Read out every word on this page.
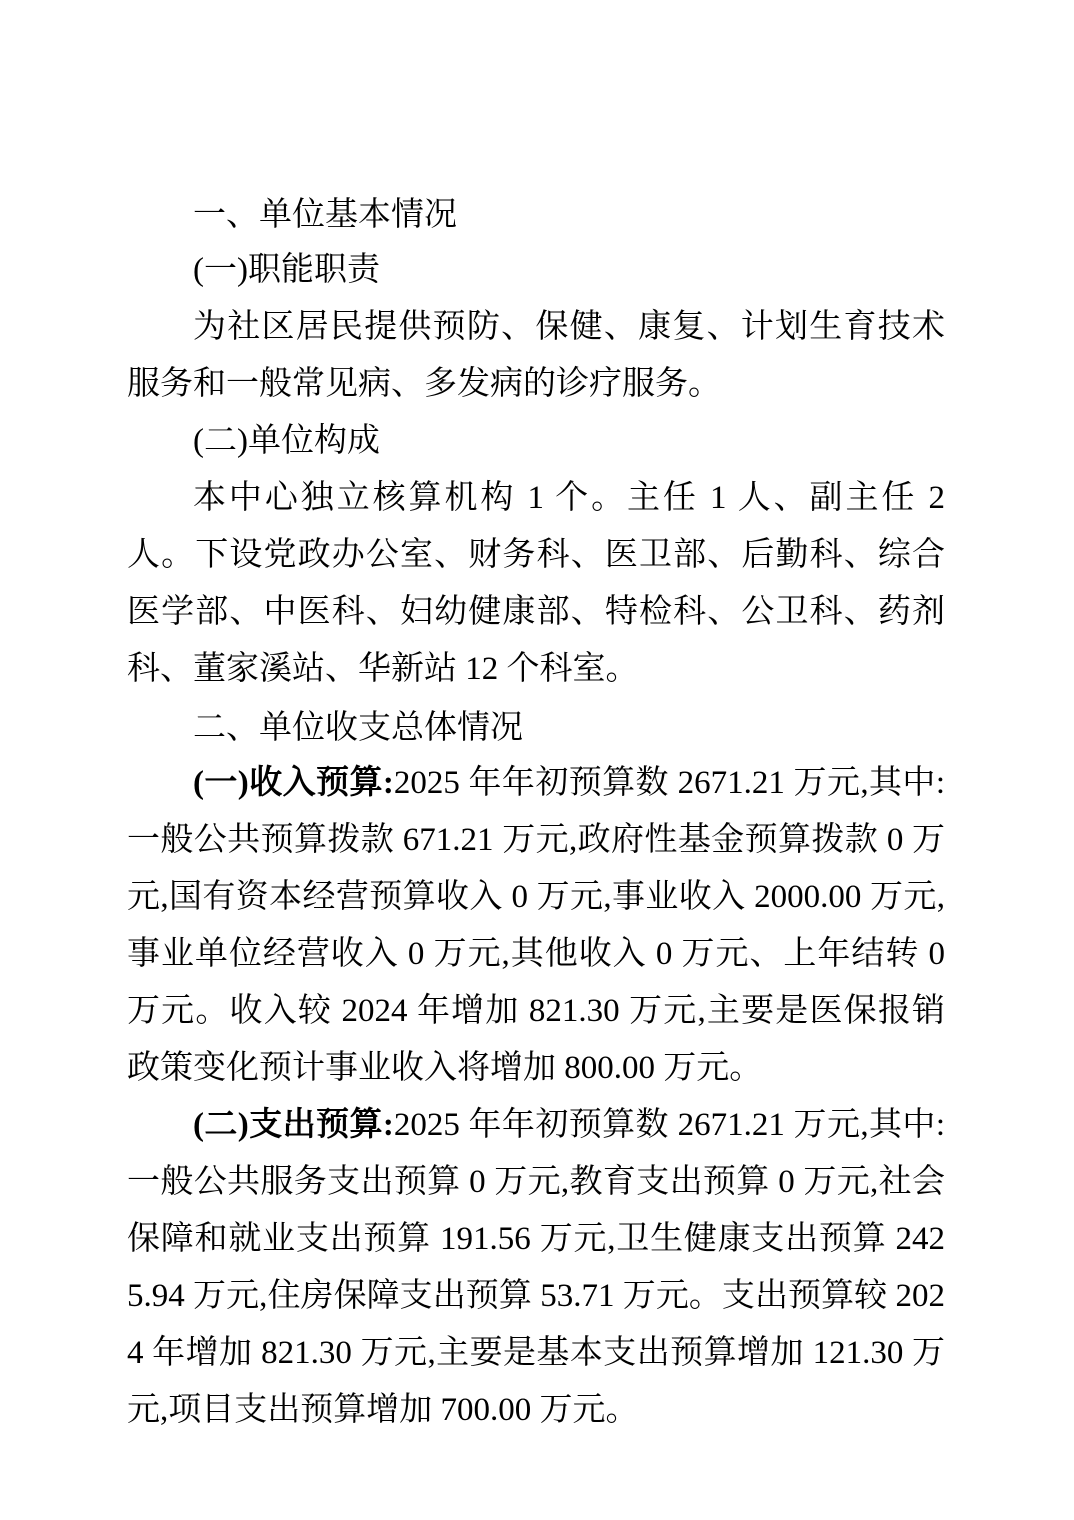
一、单位基本情况

(一)职能职责

为社区居民提供预防、保健、康复、计划生育技术服务和一般常见病、多发病的诊疗服务。

(二)单位构成

本中心独立核算机构 1 个。主任 1 人、副主任 2 人。下设党政办公室、财务科、医卫部、后勤科、综合医学部、中医科、妇幼健康部、特检科、公卫科、药剂科、董家溪站、华新站 12 个科室。

二、单位收支总体情况

(一)收入预算:2025 年年初预算数 2671.21 万元,其中:一般公共预算拨款 671.21 万元,政府性基金预算拨款 0 万元,国有资本经营预算收入 0 万元,事业收入 2000.00 万元,事业单位经营收入 0 万元,其他收入 0 万元、上年结转 0 万元。收入较 2024 年增加 821.30 万元,主要是医保报销政策变化预计事业收入将增加 800.00 万元。

(二)支出预算:2025 年年初预算数 2671.21 万元,其中:一般公共服务支出预算 0 万元,教育支出预算 0 万元,社会保障和就业支出预算 191.56 万元,卫生健康支出预算 2425.94 万元,住房保障支出预算 53.71 万元。支出预算较 2024 年增加 821.30 万元,主要是基本支出预算增加 121.30 万元,项目支出预算增加 700.00 万元。
